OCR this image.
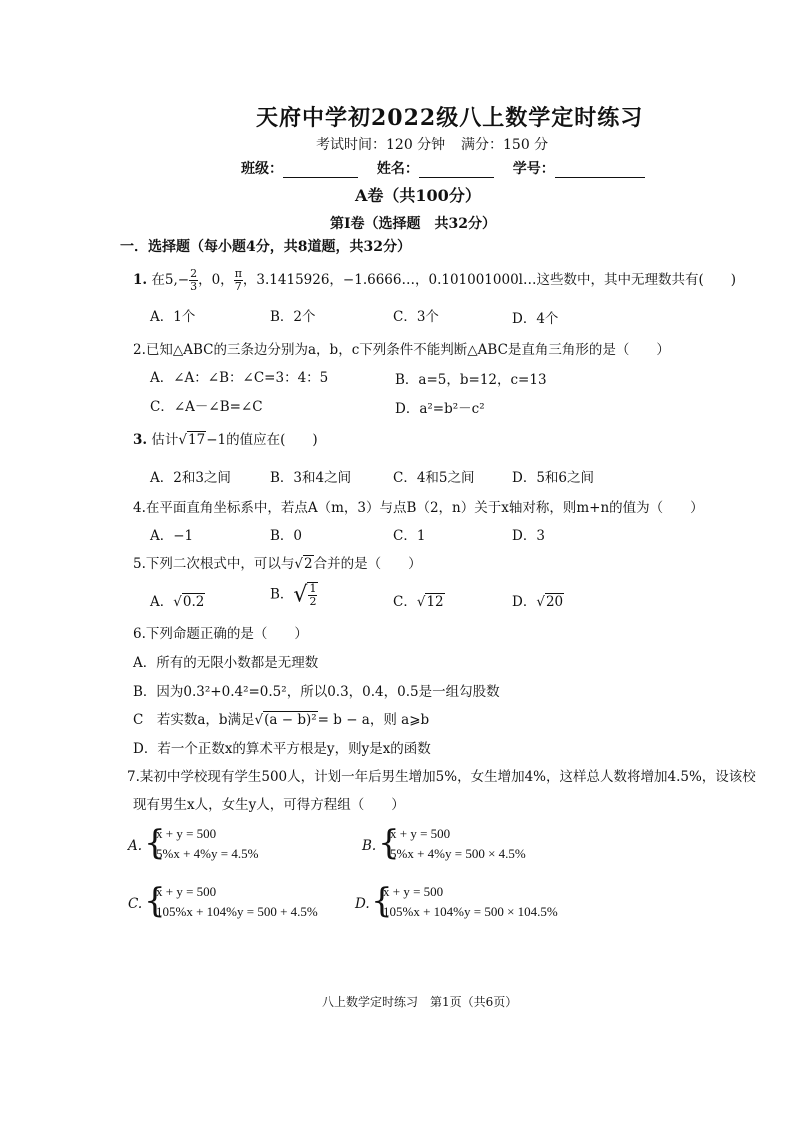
天府中学初2022级八上数学定时练习
考试时间：120 分钟 满分：150 分
班级：	姓名：	学号：
A卷（共100分）
第Ⅰ卷（选择题　共32分）
一．选择题（每小题4分，共8道题，共32分）
1. 在$5,- \frac{2}{3}$ ，0， $\frac{\pi}{7}$ ，3.1415926，−1.6666…，0.101001000l…这些数中，其中无理数共有(　　)
A．1个	B．2个	C．3个	D．4个
2.已知△ABC的三条边分别为a，b，c下列条件不能判断△ABC是直角三角形的是（　　）
A．∠A：∠B：∠C=3：4：5	B．a=5，b=12，c=13
C．∠A－∠B=∠C	D．a²=b²－c²
3. 估计√17−1的值应在(　　)
A．2和3之间	B．3和4之间	C．4和5之间	D．5和6之间
4.在平面直角坐标系中，若点A（m，3）与点B（2，n）关于x轴对称，则m+n的值为（　　）
A．−1	B．0	C．1	D．3
5.下列二次根式中，可以与√2合并的是（　　）
A．√0.2	B．√ $\frac{1}{2}$	C．√12	D．√20
6.下列命题正确的是（　　）
A．所有的无限小数都是无理数
B．因为0.3²+0.4²=0.5²，所以0.3，0.4，0.5是一组勾股数
C　若实数a，b满足√(a − b)²= b − a，则 a⩾b
D．若一个正数x的算术平方根是y，则y是x的函数
7.某初中学校现有学生500人，计划一年后男生增加5%，女生增加4%，这样总人数将增加4.5%，设该校
现有男生x人，女生y人，可得方程组（　　）
A. {
x + y = 500
5%x + 4%y = 4.5%	B. {
x + y = 500
5%x + 4%y = 500 × 4.5%
C. {
x + y = 500
105%x + 104%y = 500 + 4.5%	D. {
x + y = 500
105%x + 104%y = 500 × 104.5%
八上数学定时练习 第1页（共6页）
